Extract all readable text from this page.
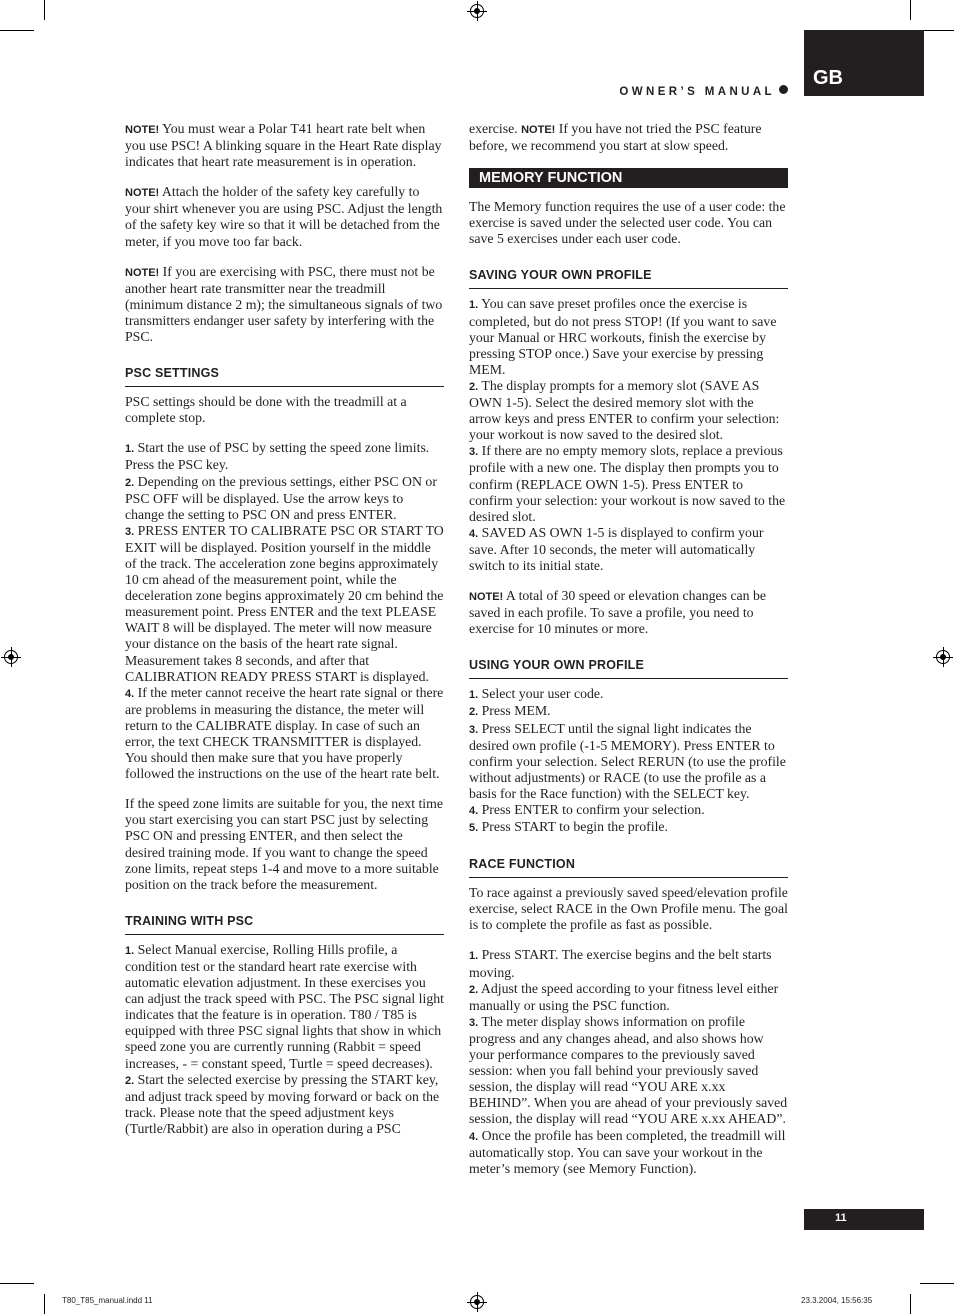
GB
OWNER’S MANUAL	T80/F T85/F

NOTE! You must wear a Polar T41 heart rate belt when you use PSC! A blinking square in the Heart Rate display indicates that heart rate measurement is in operation.

NOTE! Attach the holder of the safety key carefully to your shirt whenever you are using PSC. Adjust the length of the safety key wire so that it will be detached from the meter, if you move too far back.

NOTE! If you are exercising with PSC, there must not be another heart rate transmitter near the treadmill (minimum distance 2 m); the simultaneous signals of two transmitters endanger user safety by interfering with the PSC.

PSC SETTINGS

PSC settings should be done with the treadmill at a complete stop.

1. Start the use of PSC by setting the speed zone limits. Press the PSC key.

2. Depending on the previous settings, either PSC ON or PSC OFF will be displayed. Use the arrow keys to change the setting to PSC ON and press ENTER.

3. PRESS ENTER TO CALIBRATE PSC OR START TO EXIT will be displayed. Position yourself in the middle of the track. The acceleration zone begins approximately 10 cm ahead of the measurement point, while the deceleration zone begins approximately 20 cm behind the measurement point. Press ENTER and the text PLEASE WAIT 8 will be displayed. The meter will now measure your distance on the basis of the heart rate signal. Measurement takes 8 seconds, and after that CALIBRATION READY PRESS START is displayed.

4. If the meter cannot receive the heart rate signal or there are problems in measuring the distance, the meter will return to the CALIBRATE display. In case of such an error, the text CHECK TRANSMITTER is displayed. You should then make sure that you have properly followed the instructions on the use of the heart rate belt.

If the speed zone limits are suitable for you, the next time you start exercising you can start PSC just by selecting PSC ON and pressing ENTER, and then select the desired training mode. If you want to change the speed zone limits, repeat steps 1-4 and move to a more suitable position on the track before the measurement.

TRAINING WITH PSC

1. Select Manual exercise, Rolling Hills profile, a condition test or the standard heart rate exercise with automatic elevation adjustment. In these exercises you can adjust the track speed with PSC. The PSC signal light indicates that the feature is in operation. T80 / T85 is equipped with three PSC signal lights that show in which speed zone you are currently running (Rabbit = speed increases, - = constant speed, Turtle = speed decreases).

2. Start the selected exercise by pressing the START key, and adjust track speed by moving forward or back on the track. Please note that the speed adjustment keys (Turtle/Rabbit) are also in operation during a PSC

exercise. NOTE! If you have not tried the PSC feature before, we recommend you start at slow speed.

MEMORY FUNCTION

The Memory function requires the use of a user code: the exercise is saved under the selected user code. You can save 5 exercises under each user code.

SAVING YOUR OWN PROFILE

1. You can save preset profiles once the exercise is completed, but do not press STOP! (If you want to save your Manual or HRC workouts, finish the exercise by pressing STOP once.) Save your exercise by pressing MEM.

2. The display prompts for a memory slot (SAVE AS OWN 1-5). Select the desired memory slot with the arrow keys and press ENTER to confirm your selection: your workout is now saved to the desired slot.

3. If there are no empty memory slots, replace a previous profile with a new one. The display then prompts you to confirm (REPLACE OWN 1-5). Press ENTER to confirm your selection: your workout is now saved to the desired slot.

4. SAVED AS OWN 1-5 is displayed to confirm your save. After 10 seconds, the meter will automatically switch to its initial state.

NOTE! A total of 30 speed or elevation changes can be saved in each profile. To save a profile, you need to exercise for 10 minutes or more.

USING YOUR OWN PROFILE

1. Select your user code.

2. Press MEM.

3. Press SELECT until the signal light indicates the desired own profile (-1-5 MEMORY). Press ENTER to confirm your selection. Select RERUN (to use the profile without adjustments) or RACE (to use the profile as a basis for the Race function) with the SELECT key.

4. Press ENTER to confirm your selection.

5. Press START to begin the profile.

RACE FUNCTION

To race against a previously saved speed/elevation profile exercise, select RACE in the Own Profile menu. The goal is to complete the profile as fast as possible.

1. Press START. The exercise begins and the belt starts moving.

2. Adjust the speed according to your fitness level either manually or using the PSC function.

3. The meter display shows information on profile progress and any changes ahead, and also shows how your performance compares to the previously saved session: when you fall behind your previously saved session, the display will read “YOU ARE x.xx BEHIND”. When you are ahead of your previously saved session, the display will read “YOU ARE x.xx AHEAD”.

4. Once the profile has been completed, the treadmill will automatically stop. You can save your workout in the meter’s memory (see Memory Function).

11
T80_T85_manual.indd 11	23.3.2004, 15:56:35
